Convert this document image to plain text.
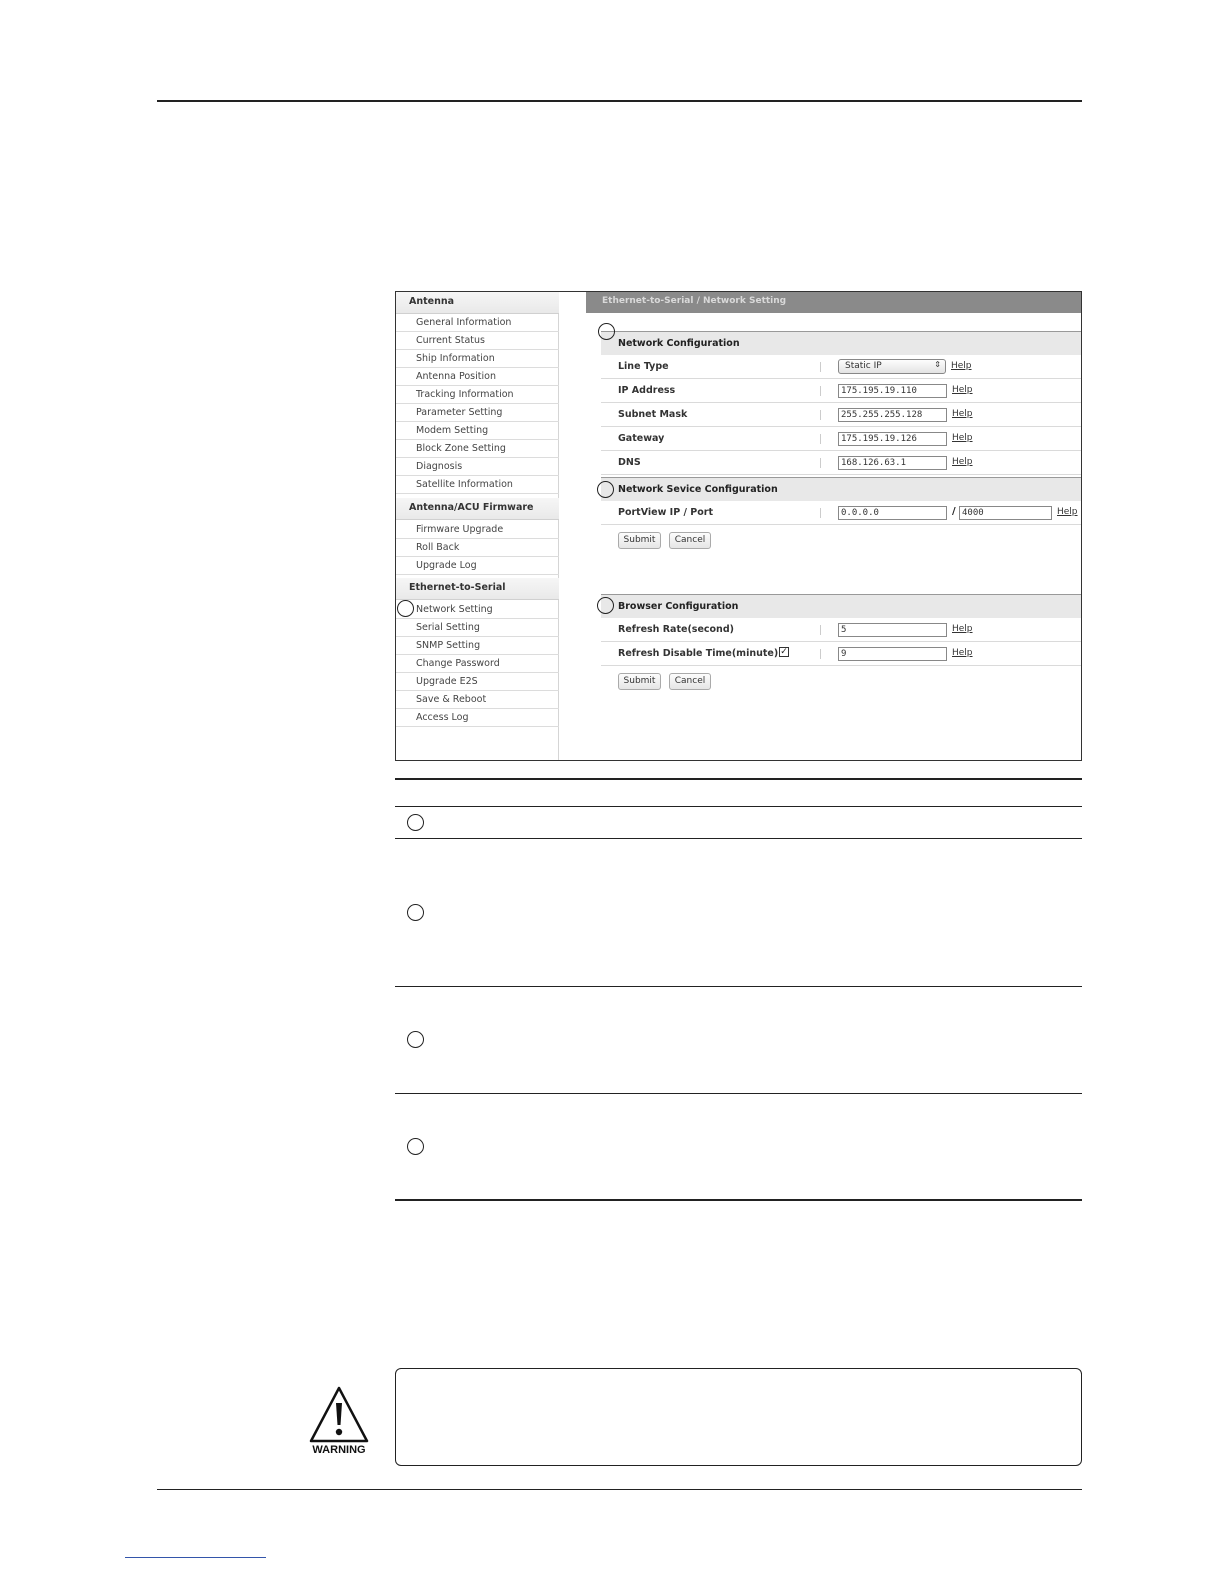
Antenna
General Information
Current Status
Ship Information
Antenna Position
Tracking Information
Parameter Setting
Modem Setting
Block Zone Setting
Diagnosis
Satellite Information
Antenna/ACU Firmware
Firmware Upgrade
Roll Back
Upgrade Log
Ethernet-to-Serial
Network Setting
Serial Setting
SNMP Setting
Change Password
Upgrade E2S
Save & Reboot
Access Log
Ethernet-to-Serial / Network Setting
Network Configuration
Line Type	Static IP	⇕ Help
IP Address	175.195.19.110	Help
Subnet Mask	255.255.255.128	Help
Gateway	175.195.19.126	Help
DNS	168.126.63.1	Help
Network Sevice Configuration
PortView IP / Port	0.0.0.0	/ 4000	Help
Submit	Cancel
Browser Configuration
Refresh Rate(second)	5	Help
Refresh Disable Time(minute) ✓	9	Help
Submit	Cancel
WARNING
